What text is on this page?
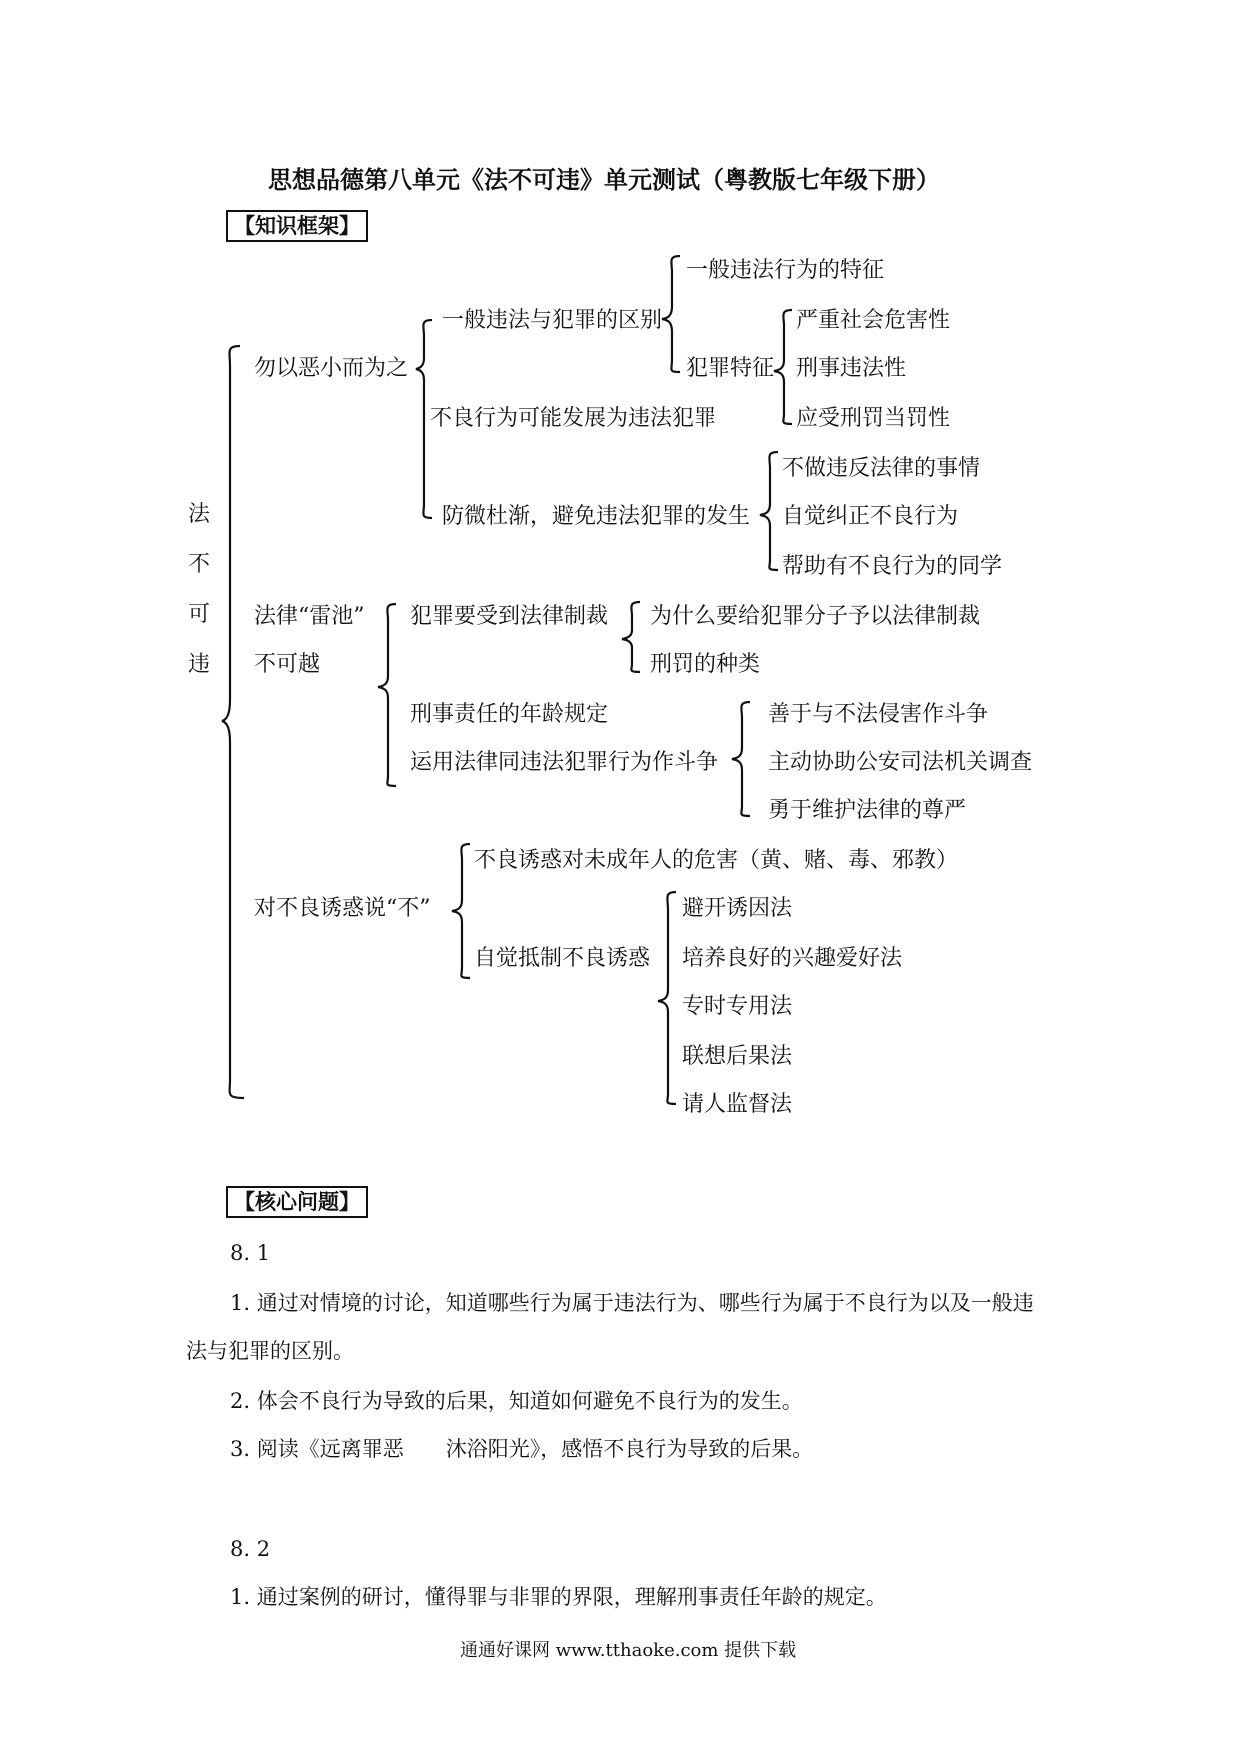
思想品德第八单元《法不可违》单元测试（粤教版七年级下册）
【知识框架】
法
不
可
违
勿以恶小而为之
一般违法与犯罪的区别
一般违法行为的特征
犯罪特征
严重社会危害性
刑事违法性
应受刑罚当罚性
不良行为可能发展为违法犯罪
防微杜渐，避免违法犯罪的发生
不做违反法律的事情
自觉纠正不良行为
帮助有不良行为的同学
法律“雷池”
不可越
犯罪要受到法律制裁 为什么要给犯罪分子予以法律制裁
刑罚的种类
刑事责任的年龄规定
运用法律同违法犯罪行为作斗争
善于与不法侵害作斗争
主动协助公安司法机关调查
勇于维护法律的尊严
对不良诱惑说“不”
不良诱惑对未成年人的危害（黄、赌、毒、邪教）
自觉抵制不良诱惑
避开诱因法
培养良好的兴趣爱好法
专时专用法
联想后果法
请人监督法
【核心问题】
8. 1
1. 通过对情境的讨论，知道哪些行为属于违法行为、哪些行为属于不良行为以及一般违
法与犯罪的区别。
2. 体会不良行为导致的后果，知道如何避免不良行为的发生。
3. 阅读《远离罪恶　　沐浴阳光》，感悟不良行为导致的后果。
8. 2
1. 通过案例的研讨，懂得罪与非罪的界限，理解刑事责任年龄的规定。
通通好课网 www.tthaoke.com 提供下载
